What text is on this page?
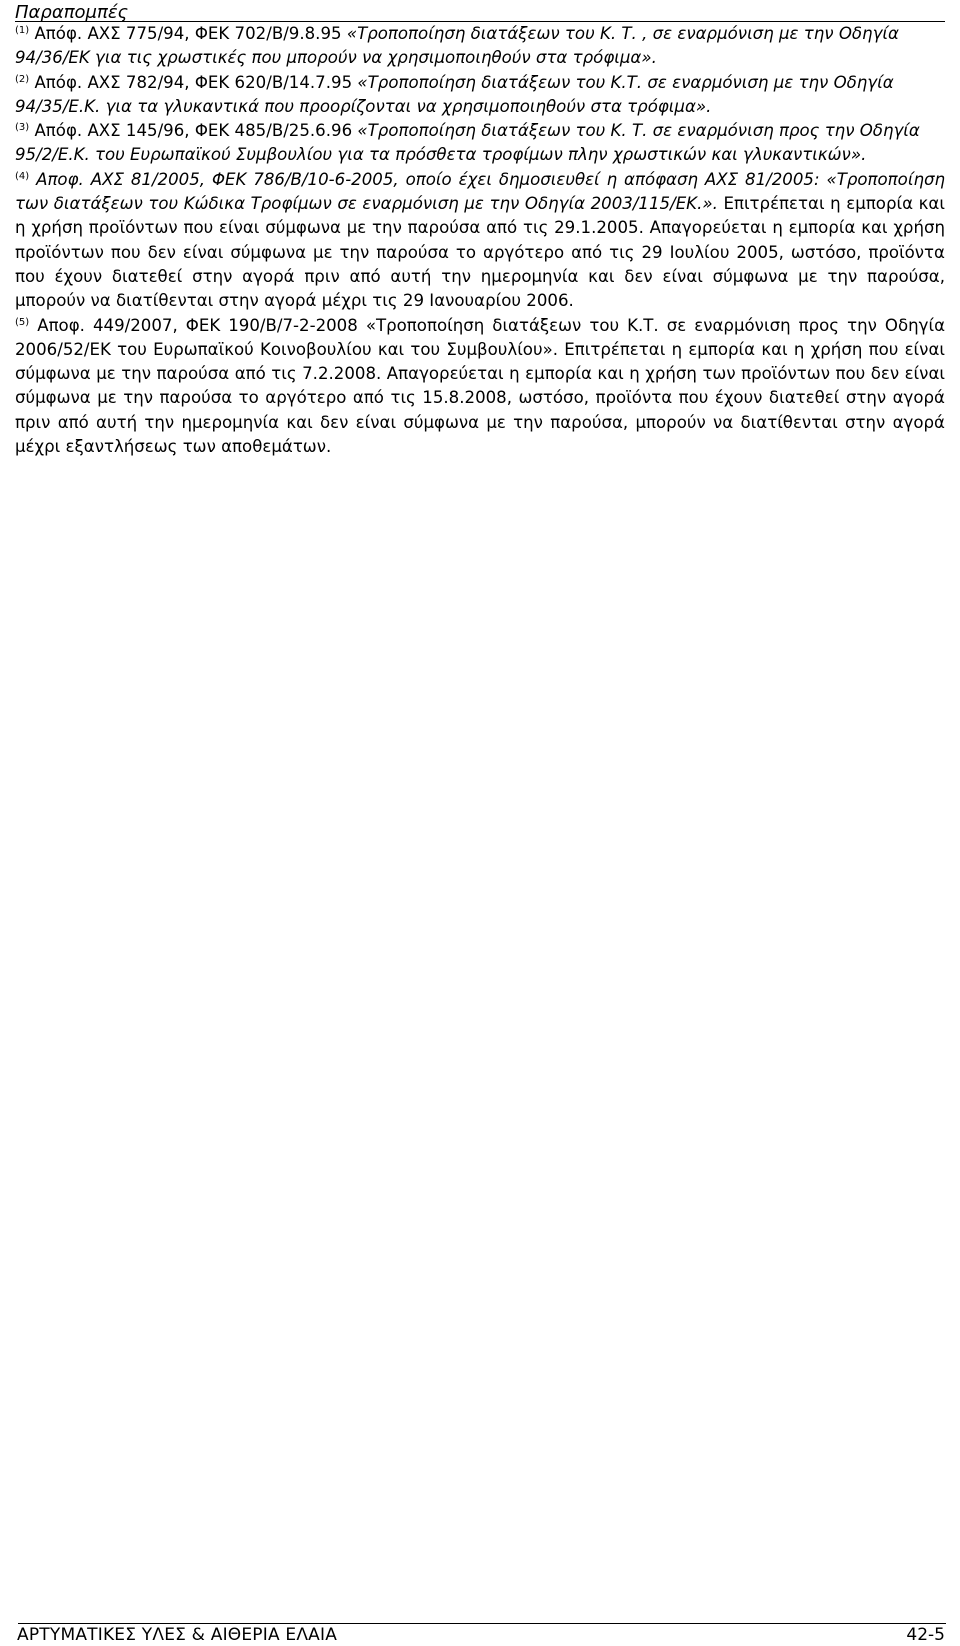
Παραπομπές

$^{(1)}$ Απόφ. ΑΧΣ 775/94, ΦΕΚ 702/Β/9.8.95 «Τροποποίηση διατάξεων του Κ. Τ. , σε εναρμόνιση με την Οδηγία 94/36/ΕΚ για τις χρωστικές που μπορούν να χρησιμοποιηθούν στα τρόφιμα».

$^{(2)}$ Απόφ. ΑΧΣ 782/94, ΦΕΚ 620/Β/14.7.95 «Τροποποίηση διατάξεων του Κ.Τ. σε εναρμόνιση με την Οδηγία 94/35/Ε.Κ. για τα γλυκαντικά που προορίζονται να χρησιμοποιηθούν στα τρόφιμα».

$^{(3)}$ Απόφ. ΑΧΣ 145/96, ΦΕΚ 485/Β/25.6.96 «Τροποποίηση διατάξεων του Κ. Τ. σε εναρμόνιση προς την Οδηγία 95/2/Ε.Κ. του Ευρωπαϊκού Συμβουλίου για τα πρόσθετα τροφίμων πλην χρωστικών και γλυκαντικών».

$^{(4)}$ Αποφ. ΑΧΣ 81/2005, ΦΕΚ 786/Β/10-6-2005, οποίο έχει δημοσιευθεί η απόφαση ΑΧΣ 81/2005: «Τροποποίηση των διατάξεων του Κώδικα Τροφίμων σε εναρμόνιση με την Οδηγία 2003/115/ΕΚ.». Επιτρέπεται η εμπορία και η χρήση προϊόντων που είναι σύμφωνα με την παρούσα από τις 29.1.2005. Απαγορεύεται η εμπορία και χρήση προϊόντων που δεν είναι σύμφωνα με την παρούσα το αργότερο από τις 29 Ιουλίου 2005, ωστόσο, προϊόντα που έχουν διατεθεί στην αγορά πριν από αυτή την ημερομηνία και δεν είναι σύμφωνα με την παρούσα, μπορούν να διατίθενται στην αγορά μέχρι τις 29 Ιανουαρίου 2006.

$^{(5)}$ Αποφ. 449/2007, ΦΕΚ 190/Β/7-2-2008 «Τροποποίηση διατάξεων του Κ.Τ. σε εναρμόνιση προς την Οδηγία 2006/52/ΕΚ του Ευρωπαϊκού Κοινοβουλίου και του Συμβουλίου». Επιτρέπεται η εμπορία και η χρήση που είναι σύμφωνα με την παρούσα από τις 7.2.2008. Απαγορεύεται η εμπορία και η χρήση των προϊόντων που δεν είναι σύμφωνα με την παρούσα το αργότερο από τις 15.8.2008, ωστόσο, προϊόντα που έχουν διατεθεί στην αγορά πριν από αυτή την ημερομηνία και δεν είναι σύμφωνα με την παρούσα, μπορούν να διατίθενται στην αγορά μέχρι εξαντλήσεως των αποθεμάτων.

ΑΡΤΥΜΑΤΙΚΕΣ ΥΛΕΣ & ΑΙΘΕΡΙΑ ΕΛΑΙΑ	42-5
